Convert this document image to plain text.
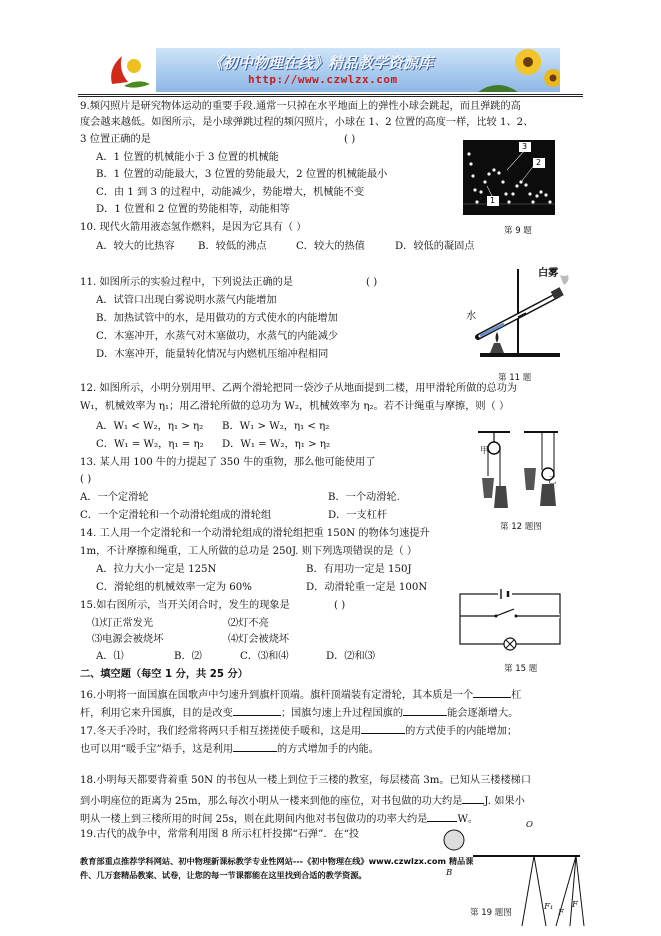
《初中物理在线》精品教学资源库
http://www.czwlzx.com
9.频闪照片是研究物体运动的重要手段.通常一只掉在水平地面上的弹性小球会跳起，而且弹跳的高
度会越来越低。如图所示，是小球弹跳过程的频闪照片，小球在 1、2 位置的高度一样，比较 1、2、
3 位置正确的是	( )
A．1 位置的机械能小于 3 位置的机械能
B．1 位置的动能最大，3 位置的势能最大，2 位置的机械能最小
C．由 1 到 3 的过程中，动能减少，势能增大，机械能不变
D．1 位置和 2 位置的势能相等，动能相等
3
2
1
第 9 题
10. 现代火箭用液态氢作燃料，是因为它具有（ ）
A．较大的比热容 B．较低的沸点	C．较大的热值	D．较低的凝固点
11. 如图所示的实验过程中，下列说法正确的是	( )
A．试管口出现白雾说明水蒸气内能增加
B．加热试管中的水，是用做功的方式使水的内能增加
C．木塞冲开，水蒸气对木塞做功，水蒸气的内能减少
D．木塞冲开，能量转化情况与内燃机压缩冲程相同
白雾
水
第 11 题
12. 如图所示，小明分别用甲、乙两个滑轮把同一袋沙子从地面提到二楼，用甲滑轮所做的总功为
W₁，机械效率为 η₁；用乙滑轮所做的总功为 W₂，机械效率为 η₂。若不计绳重与摩擦，则（ ）
A．W₁ < W₂，η₁ > η₂ B．W₁ > W₂，η₁ < η₂
C．W₁ = W₂，η₁ = η₂ D．W₁ = W₂，η₁ > η₂
甲
乙
第 12 题图
13. 某人用 100 牛的力提起了 350 牛的重物，那么他可能使用了
( )
A．一个定滑轮	B．一个动滑轮.
C．一个定滑轮和一个动滑轮组成的滑轮组	D．一支杠杆
14. 工人用一个定滑轮和一个动滑轮组成的滑轮组把重 150N 的物体匀速提升
1m，不计摩擦和绳重，工人所做的总功是 250J. 则下列选项错误的是（ ）
A．拉力大小一定是 125N	B．有用功一定是 150J
C．滑轮组的机械效率一定为 60%	D．动滑轮重一定是 100N
15.如右图所示，当开关闭合时，发生的现象是	( )
⑴灯正常发光	⑵灯不亮
⑶电源会被烧坏	⑷灯会被烧坏
A．⑴	B．⑵	C．⑶和⑷	D．⑵和⑶
第 15 题
二、填空题（每空 1 分，共 25 分）
16.小明将一面国旗在国歌声中匀速升到旗杆顶端。旗杆顶端装有定滑轮，其本质是一个	杠
杆，利用它来升国旗，目的是改变	；国旗匀速上升过程国旗的	能会逐渐增大。
17.冬天手冷时，我们经常将两只手相互搓搓使手暖和，这是用	的方式使手的内能增加；
也可以用“暖手宝”焐手，这是利用	的方式增加手的内能。
18.小明每天都要背着重 50N 的书包从一楼上到位于三楼的教室，每层楼高 3m。已知从三楼楼梯口
到小明座位的距离为 25m，那么每次小明从一楼来到他的座位，对书包做的功大约是 J. 如果小
明从一楼上到三楼所用的时间 25s，则在此期间内他对书包做功的功率大约是	W。
19.古代的战争中，常常利用图 8 所示杠杆投掷“石弹”．在“投
O
B
F₁
F
F
第 19 题图
教育部重点推荐学科网站、初中物理新课标教学专业性网站---《初中物理在线》www.czwlzx.com 精品课
件、几万套精品教案、试卷，让您的每一节课都能在这里找到合适的教学资源。
